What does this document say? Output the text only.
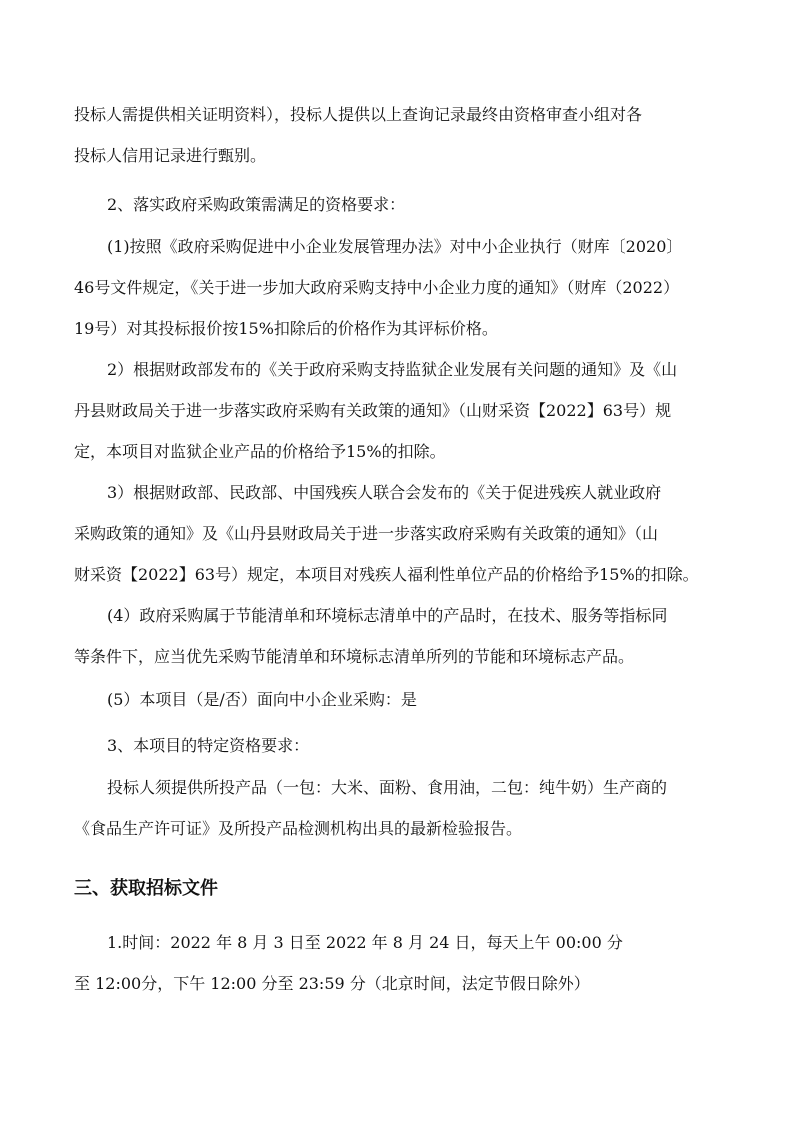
投标人需提供相关证明资料），投标人提供以上查询记录最终由资格审查小组对各
投标人信用记录进行甄别。
2、落实政府采购政策需满足的资格要求：
(1)按照《政府采购促进中小企业发展管理办法》对中小企业执行（财库〔2020〕
46号文件规定，《关于进一步加大政府采购支持中小企业力度的通知》（财库（2022）
19号）对其投标报价按15%扣除后的价格作为其评标价格。
2）根据财政部发布的《关于政府采购支持监狱企业发展有关问题的通知》及《山
丹县财政局关于进一步落实政府采购有关政策的通知》（山财采资【2022】63号）规
定，本项目对监狱企业产品的价格给予15%的扣除。
3）根据财政部、民政部、中国残疾人联合会发布的《关于促进残疾人就业政府
采购政策的通知》及《山丹县财政局关于进一步落实政府采购有关政策的通知》（山
财采资【2022】63号）规定，本项目对残疾人福利性单位产品的价格给予15%的扣除。
(4）政府采购属于节能清单和环境标志清单中的产品时，在技术、服务等指标同
等条件下，应当优先采购节能清单和环境标志清单所列的节能和环境标志产品。
(5）本项目（是/否）面向中小企业采购：是
3、本项目的特定资格要求：
投标人须提供所投产品（一包：大米、面粉、食用油，二包：纯牛奶）生产商的
《食品生产许可证》及所投产品检测机构出具的最新检验报告。
三、获取招标文件
1.时间：2022 年 8 月 3 日至 2022 年 8 月 24 日，每天上午 00:00 分
至 12:00分，下午 12:00 分至 23:59 分（北京时间，法定节假日除外）
